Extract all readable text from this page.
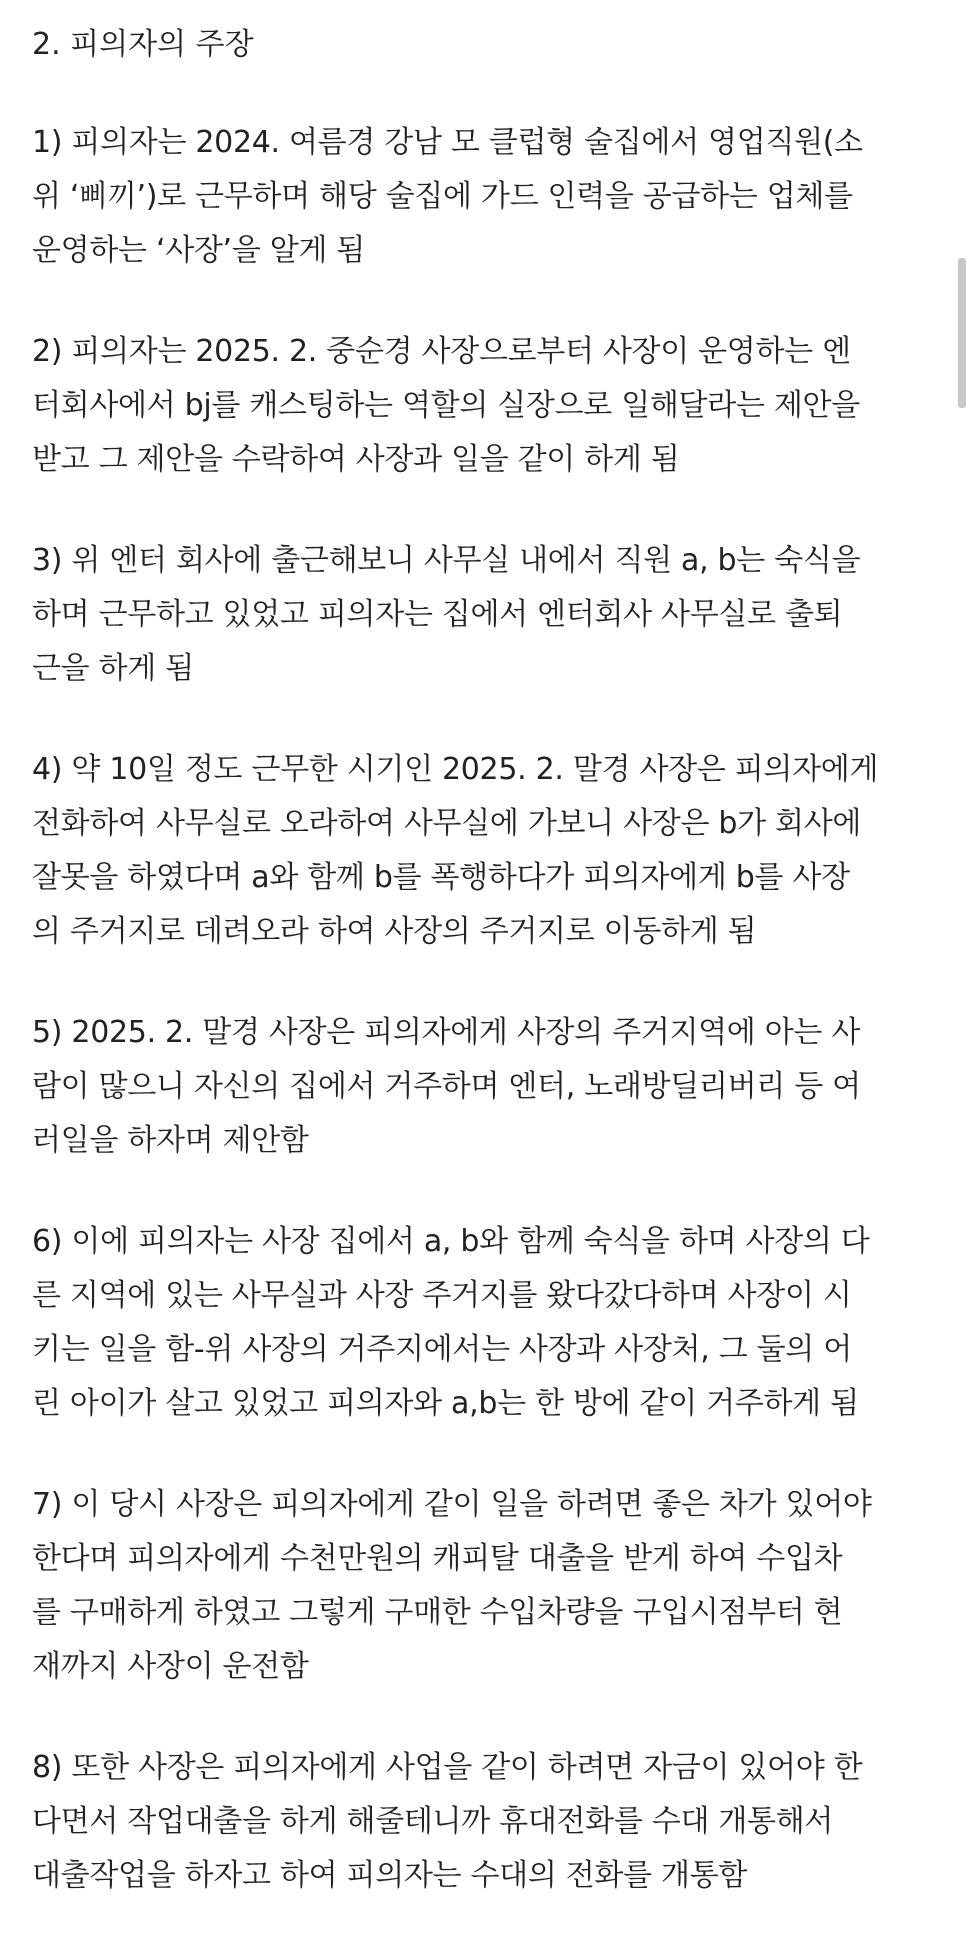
2. 피의자의 주장
1) 피의자는 2024. 여름경 강남 모 클럽형 술집에서 영업직원(소
위 ‘삐끼’)로 근무하며 해당 술집에 가드 인력을 공급하는 업체를
운영하는 ‘사장’을 알게 됨
2) 피의자는 2025. 2. 중순경 사장으로부터 사장이 운영하는 엔
터회사에서 bj를 캐스팅하는 역할의 실장으로 일해달라는 제안을
받고 그 제안을 수락하여 사장과 일을 같이 하게 됨
3) 위 엔터 회사에 출근해보니 사무실 내에서 직원 a, b는 숙식을
하며 근무하고 있었고 피의자는 집에서 엔터회사 사무실로 출퇴
근을 하게 됨
4) 약 10일 정도 근무한 시기인 2025. 2. 말경 사장은 피의자에게
전화하여 사무실로 오라하여 사무실에 가보니 사장은 b가 회사에
잘못을 하였다며 a와 함께 b를 폭행하다가 피의자에게 b를 사장
의 주거지로 데려오라 하여 사장의 주거지로 이동하게 됨
5) 2025. 2. 말경 사장은 피의자에게 사장의 주거지역에 아는 사
람이 많으니 자신의 집에서 거주하며 엔터, 노래방딜리버리 등 여
러일을 하자며 제안함
6) 이에 피의자는 사장 집에서 a, b와 함께 숙식을 하며 사장의 다
른 지역에 있는 사무실과 사장 주거지를 왔다갔다하며 사장이 시
키는 일을 함-위 사장의 거주지에서는 사장과 사장처, 그 둘의 어
린 아이가 살고 있었고 피의자와 a,b는 한 방에 같이 거주하게 됨
7) 이 당시 사장은 피의자에게 같이 일을 하려면 좋은 차가 있어야
한다며 피의자에게 수천만원의 캐피탈 대출을 받게 하여 수입차
를 구매하게 하였고 그렇게 구매한 수입차량을 구입시점부터 현
재까지 사장이 운전함
8) 또한 사장은 피의자에게 사업을 같이 하려면 자금이 있어야 한
다면서 작업대출을 하게 해줄테니까 휴대전화를 수대 개통해서
대출작업을 하자고 하여 피의자는 수대의 전화를 개통함
